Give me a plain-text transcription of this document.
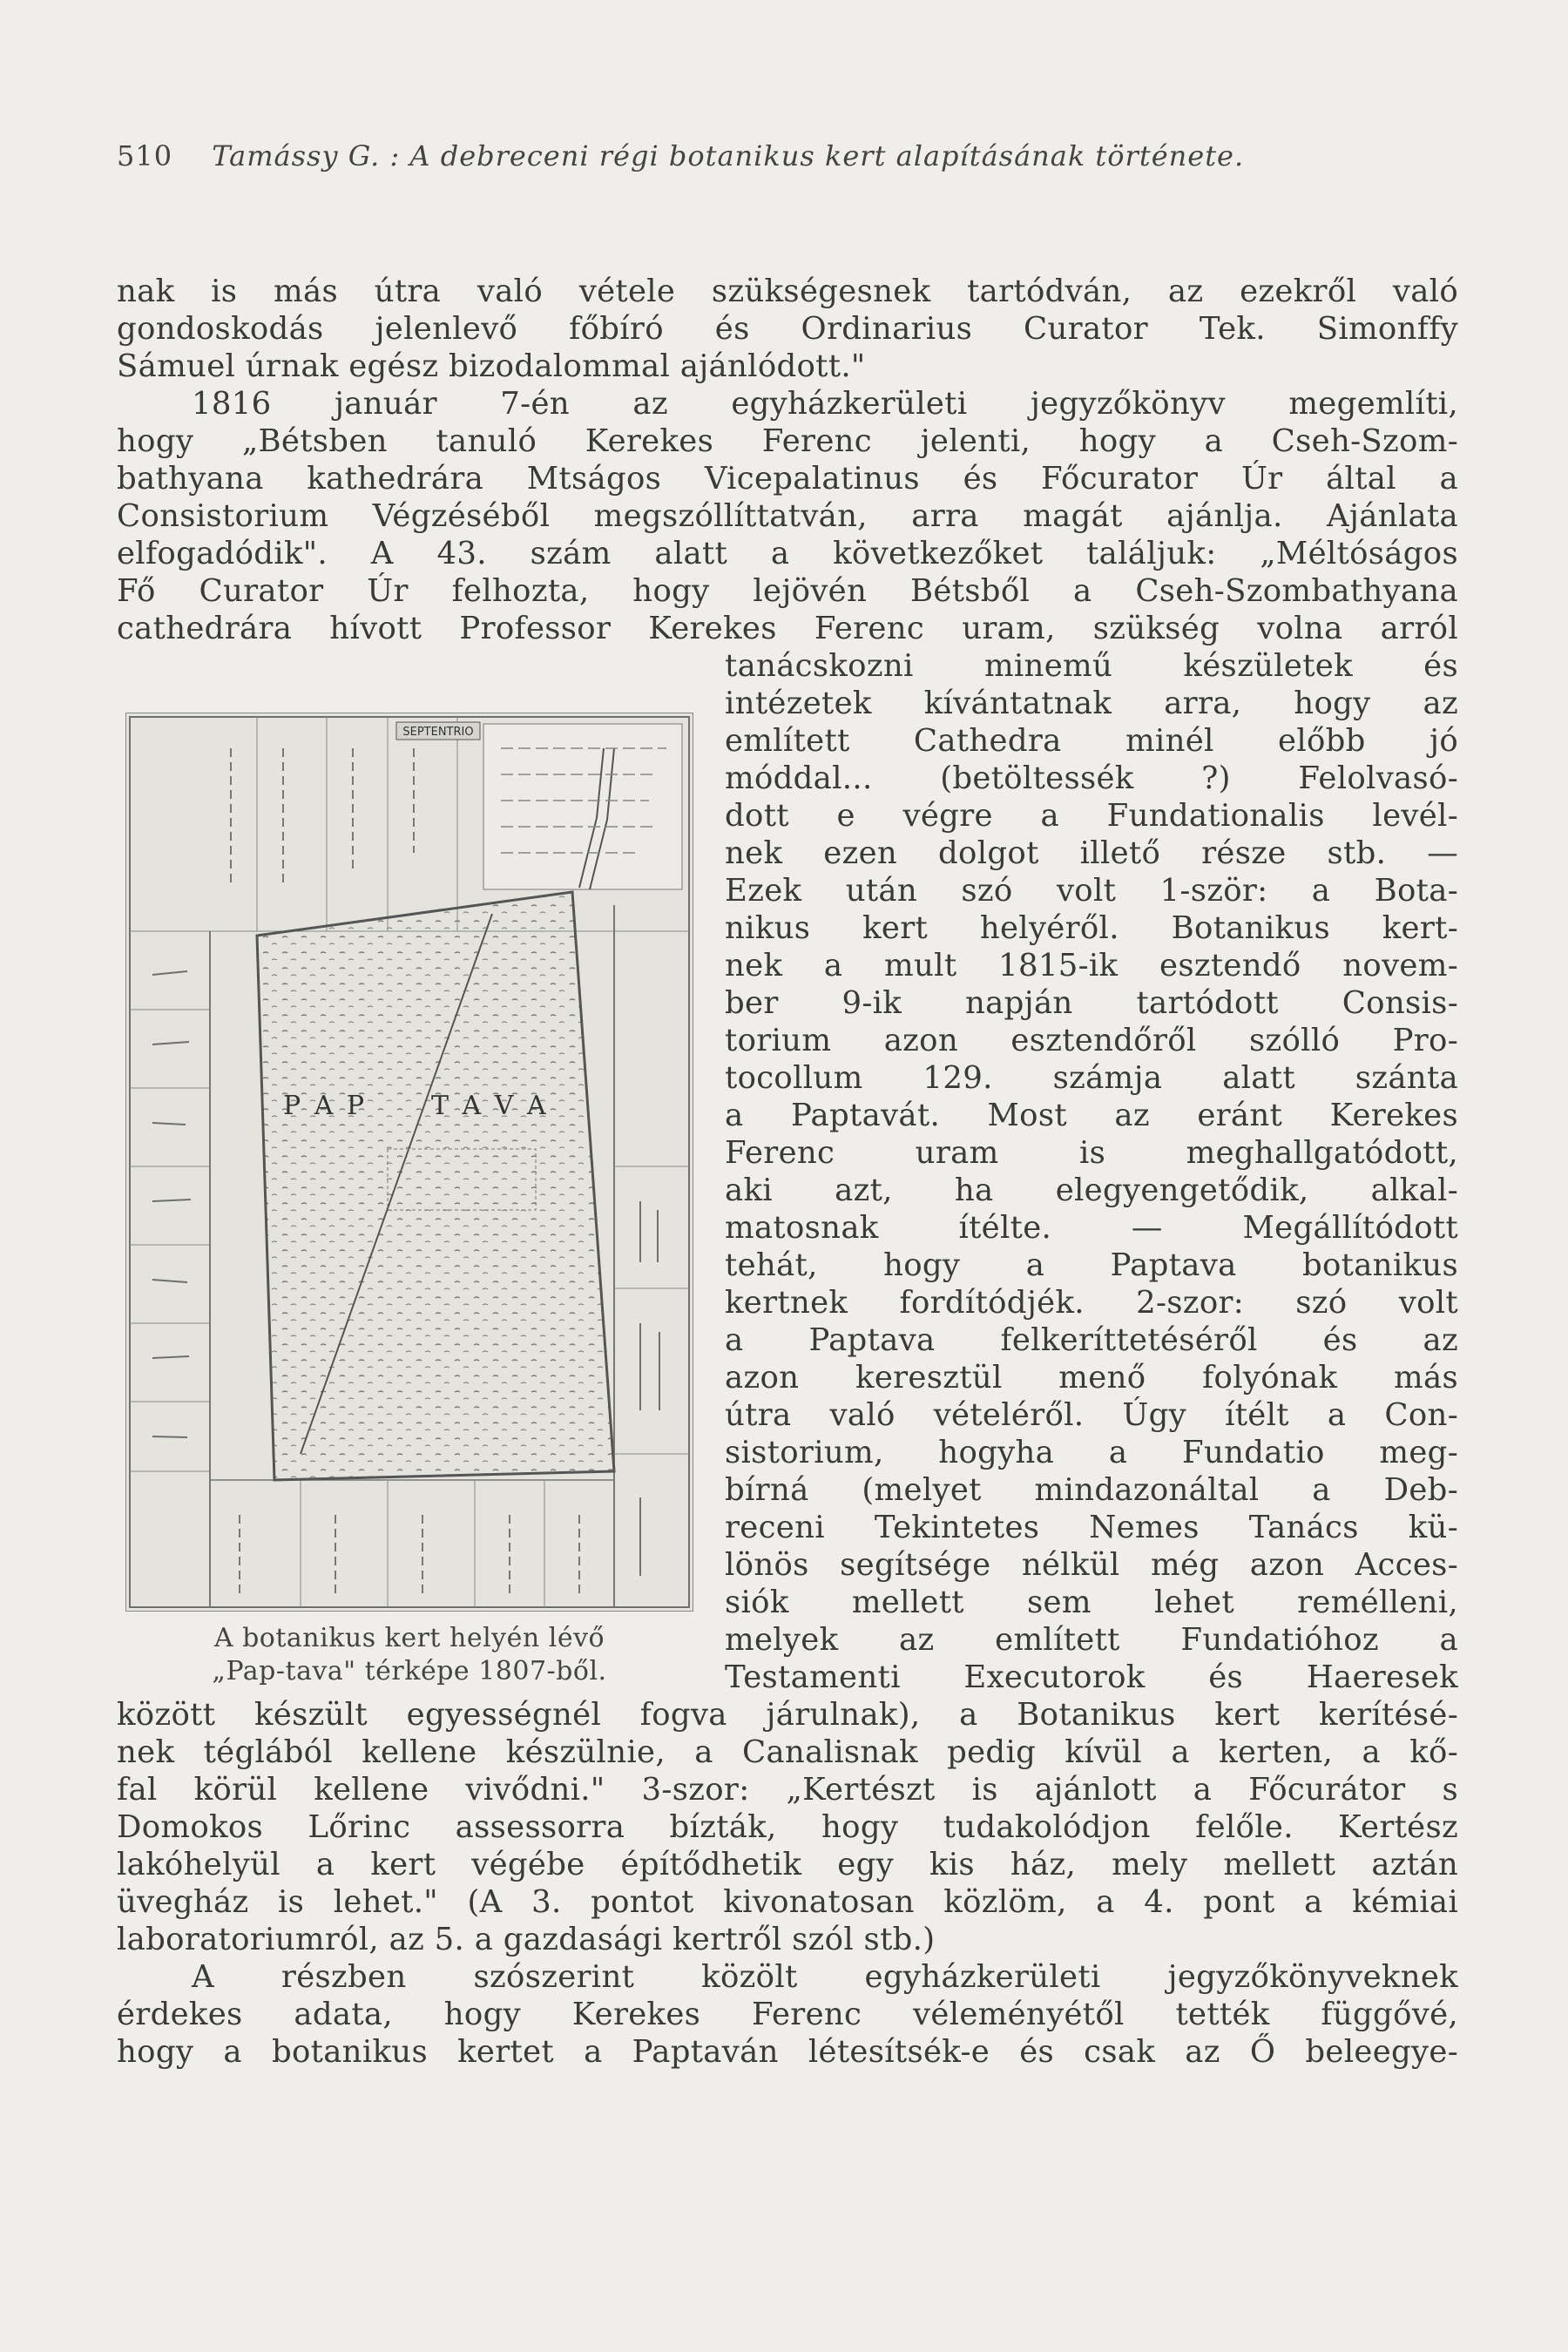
510 Tamássy G. : A debreceni régi botanikus kert alapításának története.
nak is más útra való vétele szükségesnek tartódván, az ezekről való
gondoskodás jelenlevő főbíró és Ordinarius Curator Tek. Simonffy
Sámuel úrnak egész bizodalommal ajánlódott."
1816 január 7-én az egyházkerületi jegyzőkönyv megemlíti,
hogy „Bétsben tanuló Kerekes Ferenc jelenti, hogy a Cseh-Szom-
bathyana kathedrára Mtságos Vicepalatinus és Főcurator Úr által a
Consistorium Végzéséből megszóllíttatván, arra magát ajánlja. Ajánlata
elfogadódik". A 43. szám alatt a következőket találjuk: „Méltóságos
Fő Curator Úr felhozta, hogy lejövén Bétsből a Cseh-Szombathyana
cathedrára hívott Professor Kerekes Ferenc uram, szükség volna arról
tanácskozni minemű készületek és
intézetek kívántatnak arra, hogy az
említett Cathedra minél előbb jó
móddal... (betöltessék ?) Felolvasó-
dott e végre a Fundationalis levél-
nek ezen dolgot illető része stb. —
Ezek után szó volt 1-ször: a Bota-
nikus kert helyéről. Botanikus kert-
nek a mult 1815-ik esztendő novem-
ber 9-ik napján tartódott Consis-
torium azon esztendőről szólló Pro-
tocollum 129. számja alatt szánta
a Paptavát. Most az eránt Kerekes
Ferenc uram is meghallgatódott,
aki azt, ha elegyengetődik, alkal-
matosnak ítélte. — Megállítódott
tehát, hogy a Paptava botanikus
kertnek fordítódjék. 2-szor: szó volt
a Paptava felkeríttetéséről és az
azon keresztül menő folyónak más
útra való vételéről. Úgy ítélt a Con-
sistorium, hogyha a Fundatio meg-
bírná (melyet mindazonáltal a Deb-
receni Tekintetes Nemes Tanács kü-
lönös segítsége nélkül még azon Acces-
siók mellett sem lehet remélleni,
melyek az említett Fundatióhoz a
Testamenti Executorok és Haeresek
SEPTENTRIO
P A P T A V A
A botanikus kert helyén lévő
„Pap-tava" térképe 1807-ből.
között készült egyességnél fogva járulnak), a Botanikus kert kerítésé-
nek téglából kellene készülnie, a Canalisnak pedig kívül a kerten, a kő-
fal körül kellene vivődni." 3-szor: „Kertészt is ajánlott a Főcurátor s
Domokos Lőrinc assessorra bízták, hogy tudakolódjon felőle. Kertész
lakóhelyül a kert végébe építődhetik egy kis ház, mely mellett aztán
üvegház is lehet." (A 3. pontot kivonatosan közlöm, a 4. pont a kémiai
laboratoriumról, az 5. a gazdasági kertről szól stb.)
A részben szószerint közölt egyházkerületi jegyzőkönyveknek
érdekes adata, hogy Kerekes Ferenc véleményétől tették függővé,
hogy a botanikus kertet a Paptaván létesítsék-e és csak az Ő beleegye-
